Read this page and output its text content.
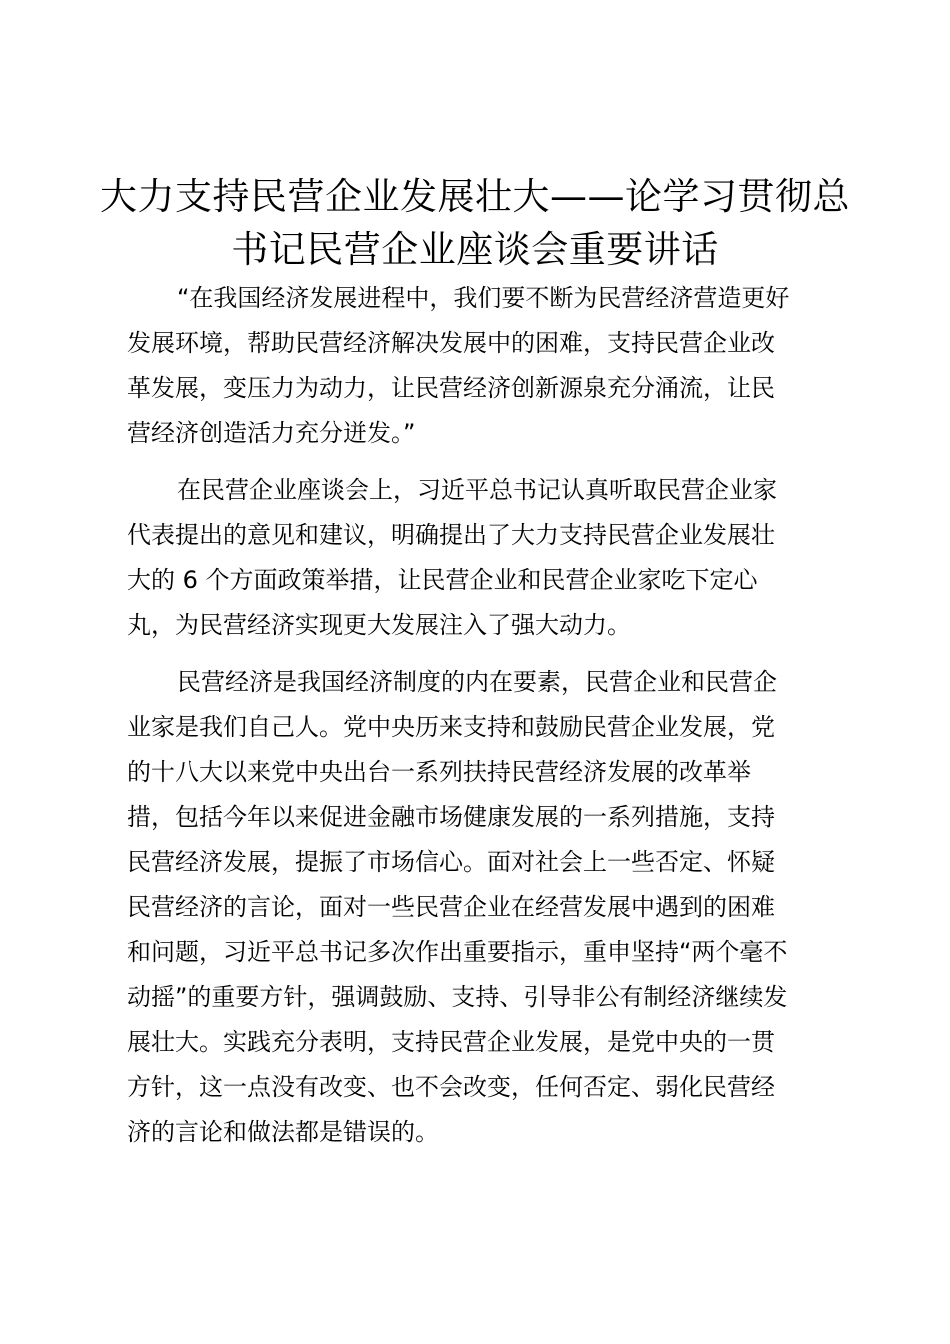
大力支持民营企业发展壮大——论学习贯彻总
书记民营企业座谈会重要讲话

“在我国经济发展进程中，我们要不断为民营经济营造更好
发展环境，帮助民营经济解决发展中的困难，支持民营企业改
革发展，变压力为动力，让民营经济创新源泉充分涌流，让民
营经济创造活力充分迸发。”

在民营企业座谈会上，习近平总书记认真听取民营企业家
代表提出的意见和建议，明确提出了大力支持民营企业发展壮
大的 6 个方面政策举措，让民营企业和民营企业家吃下定心
丸，为民营经济实现更大发展注入了强大动力。

民营经济是我国经济制度的内在要素，民营企业和民营企
业家是我们自己人。党中央历来支持和鼓励民营企业发展，党
的十八大以来党中央出台一系列扶持民营经济发展的改革举
措，包括今年以来促进金融市场健康发展的一系列措施，支持
民营经济发展，提振了市场信心。面对社会上一些否定、怀疑
民营经济的言论，面对一些民营企业在经营发展中遇到的困难
和问题，习近平总书记多次作出重要指示，重申坚持“两个毫不
动摇”的重要方针，强调鼓励、支持、引导非公有制经济继续发
展壮大。实践充分表明，支持民营企业发展，是党中央的一贯
方针，这一点没有改变、也不会改变，任何否定、弱化民营经
济的言论和做法都是错误的。
